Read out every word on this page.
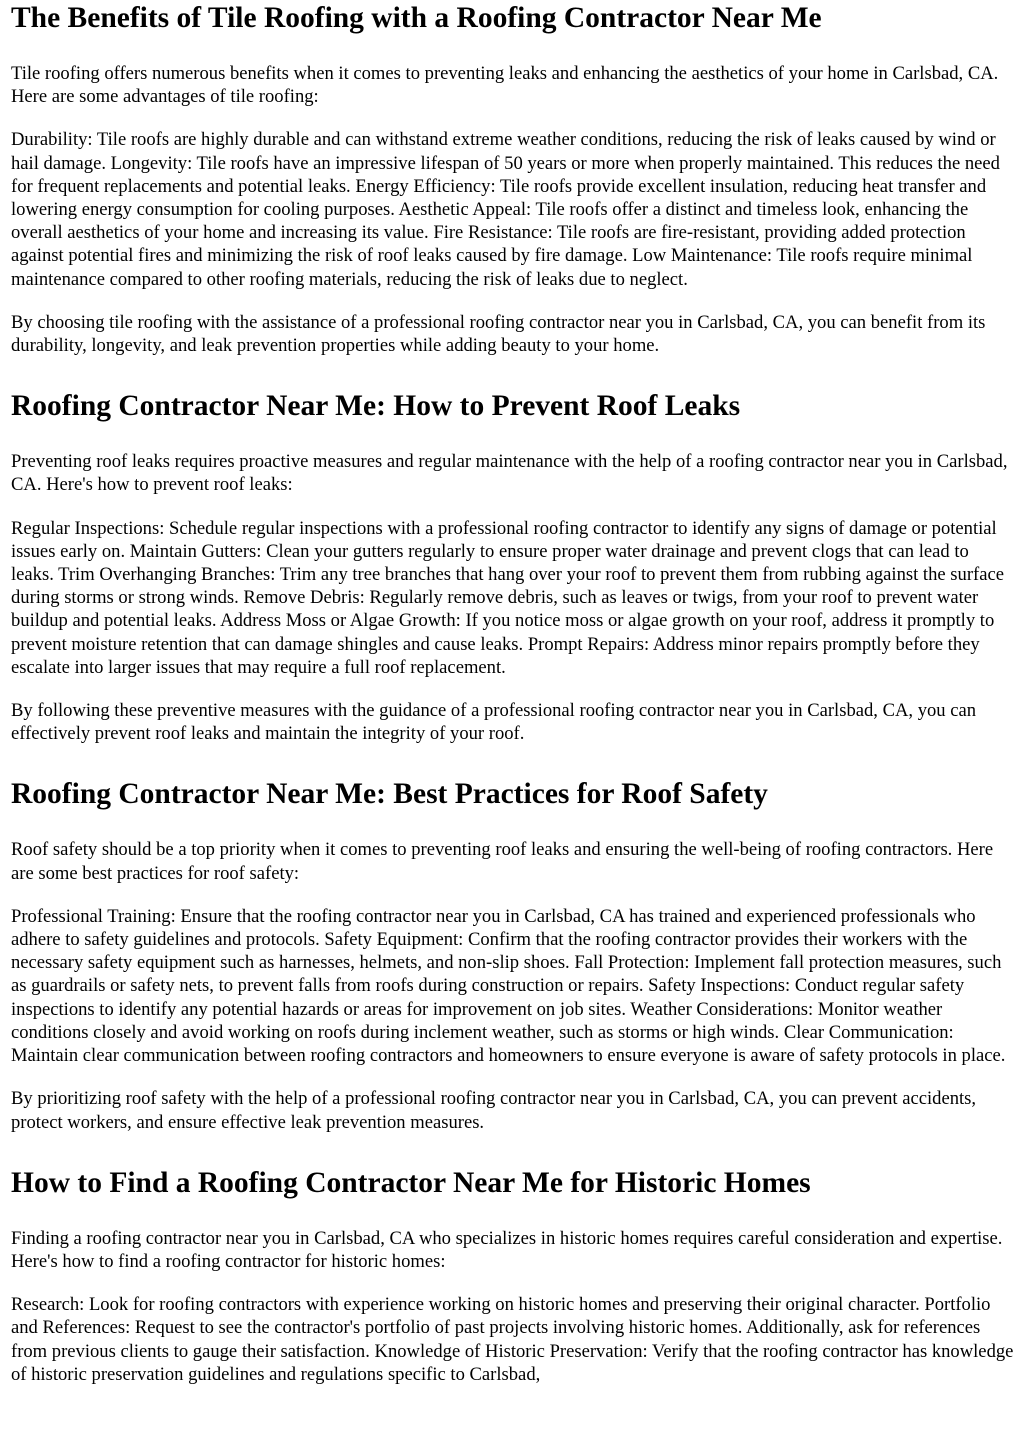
The Benefits of Tile Roofing with a Roofing Contractor Near Me

Tile roofing offers numerous benefits when it comes to preventing leaks and enhancing the aesthetics of your home in Carlsbad, CA. Here are some advantages of tile roofing:

Durability: Tile roofs are highly durable and can withstand extreme weather conditions, reducing the risk of leaks caused by wind or hail damage. Longevity: Tile roofs have an impressive lifespan of 50 years or more when properly maintained. This reduces the need for frequent replacements and potential leaks. Energy Efficiency: Tile roofs provide excellent insulation, reducing heat transfer and lowering energy consumption for cooling purposes. Aesthetic Appeal: Tile roofs offer a distinct and timeless look, enhancing the overall aesthetics of your home and increasing its value. Fire Resistance: Tile roofs are fire-resistant, providing added protection against potential fires and minimizing the risk of roof leaks caused by fire damage. Low Maintenance: Tile roofs require minimal maintenance compared to other roofing materials, reducing the risk of leaks due to neglect.

By choosing tile roofing with the assistance of a professional roofing contractor near you in Carlsbad, CA, you can benefit from its durability, longevity, and leak prevention properties while adding beauty to your home.

Roofing Contractor Near Me: How to Prevent Roof Leaks

Preventing roof leaks requires proactive measures and regular maintenance with the help of a roofing contractor near you in Carlsbad, CA. Here's how to prevent roof leaks:

Regular Inspections: Schedule regular inspections with a professional roofing contractor to identify any signs of damage or potential issues early on. Maintain Gutters: Clean your gutters regularly to ensure proper water drainage and prevent clogs that can lead to leaks. Trim Overhanging Branches: Trim any tree branches that hang over your roof to prevent them from rubbing against the surface during storms or strong winds. Remove Debris: Regularly remove debris, such as leaves or twigs, from your roof to prevent water buildup and potential leaks. Address Moss or Algae Growth: If you notice moss or algae growth on your roof, address it promptly to prevent moisture retention that can damage shingles and cause leaks. Prompt Repairs: Address minor repairs promptly before they escalate into larger issues that may require a full roof replacement.

By following these preventive measures with the guidance of a professional roofing contractor near you in Carlsbad, CA, you can effectively prevent roof leaks and maintain the integrity of your roof.

Roofing Contractor Near Me: Best Practices for Roof Safety

Roof safety should be a top priority when it comes to preventing roof leaks and ensuring the well-being of roofing contractors. Here are some best practices for roof safety:

Professional Training: Ensure that the roofing contractor near you in Carlsbad, CA has trained and experienced professionals who adhere to safety guidelines and protocols. Safety Equipment: Confirm that the roofing contractor provides their workers with the necessary safety equipment such as harnesses, helmets, and non-slip shoes. Fall Protection: Implement fall protection measures, such as guardrails or safety nets, to prevent falls from roofs during construction or repairs. Safety Inspections: Conduct regular safety inspections to identify any potential hazards or areas for improvement on job sites. Weather Considerations: Monitor weather conditions closely and avoid working on roofs during inclement weather, such as storms or high winds. Clear Communication: Maintain clear communication between roofing contractors and homeowners to ensure everyone is aware of safety protocols in place.

By prioritizing roof safety with the help of a professional roofing contractor near you in Carlsbad, CA, you can prevent accidents, protect workers, and ensure effective leak prevention measures.

How to Find a Roofing Contractor Near Me for Historic Homes

Finding a roofing contractor near you in Carlsbad, CA who specializes in historic homes requires careful consideration and expertise. Here's how to find a roofing contractor for historic homes:

Research: Look for roofing contractors with experience working on historic homes and preserving their original character. Portfolio and References: Request to see the contractor's portfolio of past projects involving historic homes. Additionally, ask for references from previous clients to gauge their satisfaction. Knowledge of Historic Preservation: Verify that the roofing contractor has knowledge of historic preservation guidelines and regulations specific to Carlsbad,
